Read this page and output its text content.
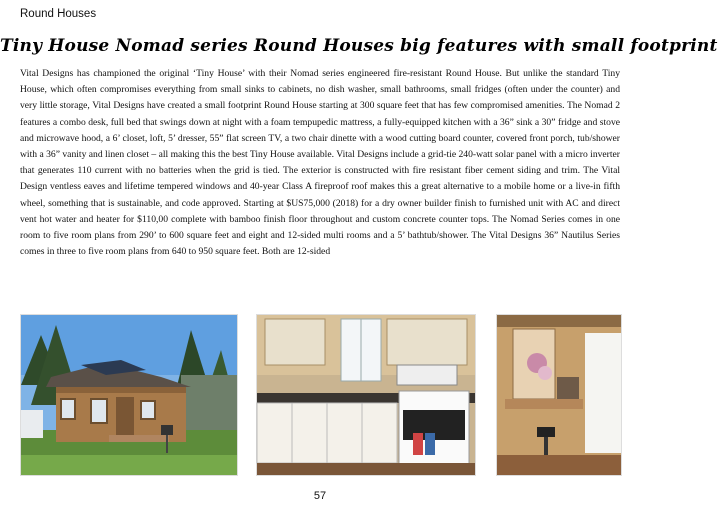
Round Houses
Tiny House Nomad series Round Houses big features with small footprint
Vital Designs has championed the original ‘Tiny House’ with their Nomad series engineered fire-resistant Round House. But unlike the standard Tiny House, which often compromises everything from small sinks to cabinets, no dish washer, small bathrooms, small fridges (often under the counter) and very little storage, Vital Designs have created a small footprint Round House starting at 300 square feet that has few compromised amenities. The Nomad 2 features a combo desk, full bed that swings down at night with a foam tempupedic mattress, a fully-equipped kitchen with a 36” sink a 30” fridge and stove and microwave hood, a 6’ closet, loft, 5’ dresser, 55” flat screen TV, a two chair dinette with a wood cutting board counter, covered front porch, tub/shower with a 36” vanity and linen closet – all making this the best Tiny House available. Vital Designs include a grid-tie 240-watt solar panel with a micro inverter that generates 110 current with no batteries when the grid is tied. The exterior is constructed with fire resistant fiber cement siding and trim. The Vital Design ventless eaves and lifetime tempered windows and 40-year Class A fireproof roof makes this a great alternative to a mobile home or a live-in fifth wheel, something that is sustainable, and code approved. Starting at $US75,000 (2018) for a dry owner builder finish to furnished unit with AC and direct vent hot water and heater for $110,00 complete with bamboo finish floor throughout and custom concrete counter tops. The Nomad Series comes in one room to five room plans from 290’ to 600 square feet and eight and 12-sided multi rooms and a 5’ bathtub/shower. The Vital Designs 36” Nautilus Series comes in three to five room plans from 640 to 950 square feet. Both are 12-sided
57
